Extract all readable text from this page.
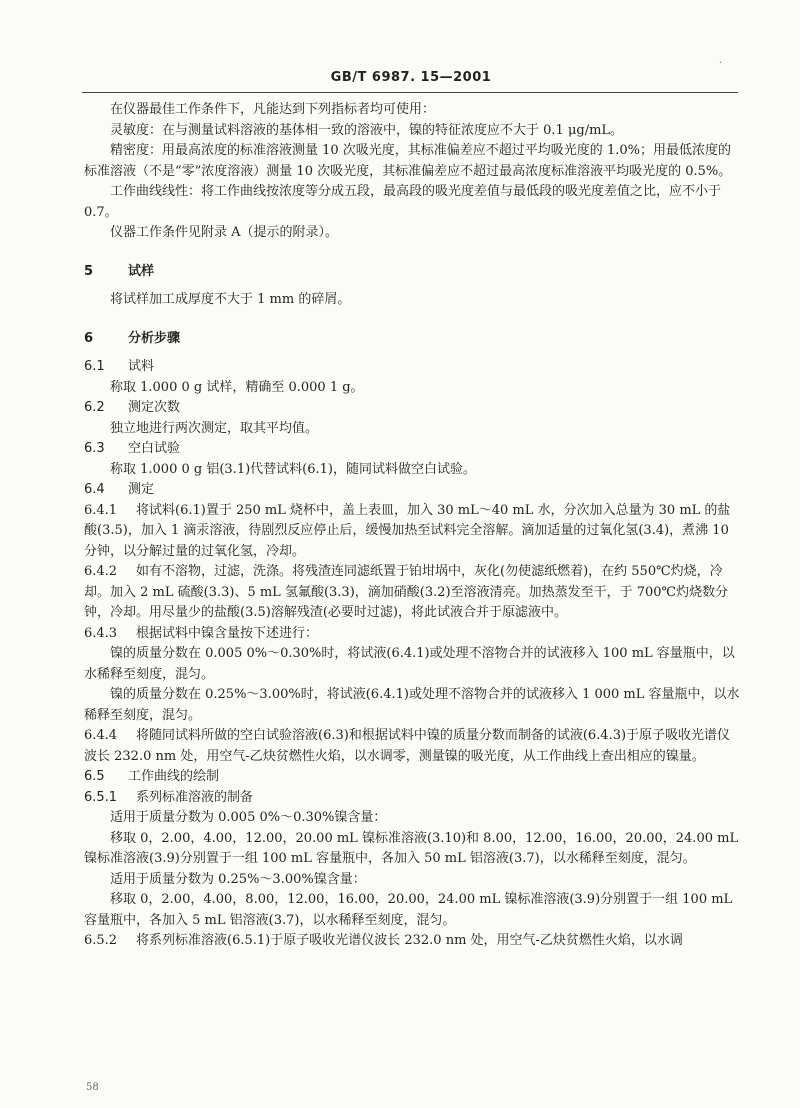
GB/T 6987. 15—2001
·

在仪器最佳工作条件下，凡能达到下列指标者均可使用：

灵敏度：在与测量试料溶液的基体相一致的溶液中，镍的特征浓度应不大于 0.1 μg/mL。

精密度：用最高浓度的标准溶液测量 10 次吸光度，其标准偏差应不超过平均吸光度的 1.0%；用最低浓度的标准溶液（不是“零”浓度溶液）测量 10 次吸光度，其标准偏差应不超过最高浓度标准溶液平均吸光度的 0.5%。

工作曲线线性：将工作曲线按浓度等分成五段，最高段的吸光度差值与最低段的吸光度差值之比，应不小于 0.7。

仪器工作条件见附录 A（提示的附录）。

5	试样

将试样加工成厚度不大于 1 mm 的碎屑。

6	分析步骤

6.1 试料

称取 1.000 0 g 试样，精确至 0.000 1 g。

6.2 测定次数

独立地进行两次测定，取其平均值。

6.3 空白试验

称取 1.000 0 g 铝(3.1)代替试料(6.1)，随同试料做空白试验。

6.4 测定

6.4.1 将试料(6.1)置于 250 mL 烧杯中，盖上表皿，加入 30 mL～40 mL 水，分次加入总量为 30 mL 的盐酸(3.5)，加入 1 滴汞溶液，待剧烈反应停止后，缓慢加热至试料完全溶解。滴加适量的过氧化氢(3.4)，煮沸 10 分钟，以分解过量的过氧化氢，冷却。

6.4.2 如有不溶物，过滤，洗涤。将残渣连同滤纸置于铂坩埚中，灰化(勿使滤纸燃着)，在约 550℃灼烧，冷却。加入 2 mL 硫酸(3.3)、5 mL 氢氟酸(3.3)，滴加硝酸(3.2)至溶液清亮。加热蒸发至干，于 700℃灼烧数分钟，冷却。用尽量少的盐酸(3.5)溶解残渣(必要时过滤)，将此试液合并于原滤液中。

6.4.3 根据试料中镍含量按下述进行：

镍的质量分数在 0.005 0%～0.30%时，将试液(6.4.1)或处理不溶物合并的试液移入 100 mL 容量瓶中，以水稀释至刻度，混匀。

镍的质量分数在 0.25%～3.00%时，将试液(6.4.1)或处理不溶物合并的试液移入 1 000 mL 容量瓶中，以水稀释至刻度，混匀。

6.4.4 将随同试料所做的空白试验溶液(6.3)和根据试料中镍的质量分数而制备的试液(6.4.3)于原子吸收光谱仪波长 232.0 nm 处，用空气-乙炔贫燃性火焰，以水调零，测量镍的吸光度，从工作曲线上查出相应的镍量。

6.5 工作曲线的绘制

6.5.1 系列标准溶液的制备

适用于质量分数为 0.005 0%～0.30%镍含量：

移取 0，2.00，4.00，12.00，20.00 mL 镍标准溶液(3.10)和 8.00，12.00，16.00，20.00，24.00 mL 镍标准溶液(3.9)分别置于一组 100 mL 容量瓶中，各加入 50 mL 铝溶液(3.7)，以水稀释至刻度，混匀。

适用于质量分数为 0.25%～3.00%镍含量：

移取 0，2.00，4.00，8.00，12.00，16.00，20.00，24.00 mL 镍标准溶液(3.9)分别置于一组 100 mL 容量瓶中，各加入 5 mL 铝溶液(3.7)，以水稀释至刻度，混匀。

6.5.2 将系列标准溶液(6.5.1)于原子吸收光谱仪波长 232.0 nm 处，用空气-乙炔贫燃性火焰，以水调

58
